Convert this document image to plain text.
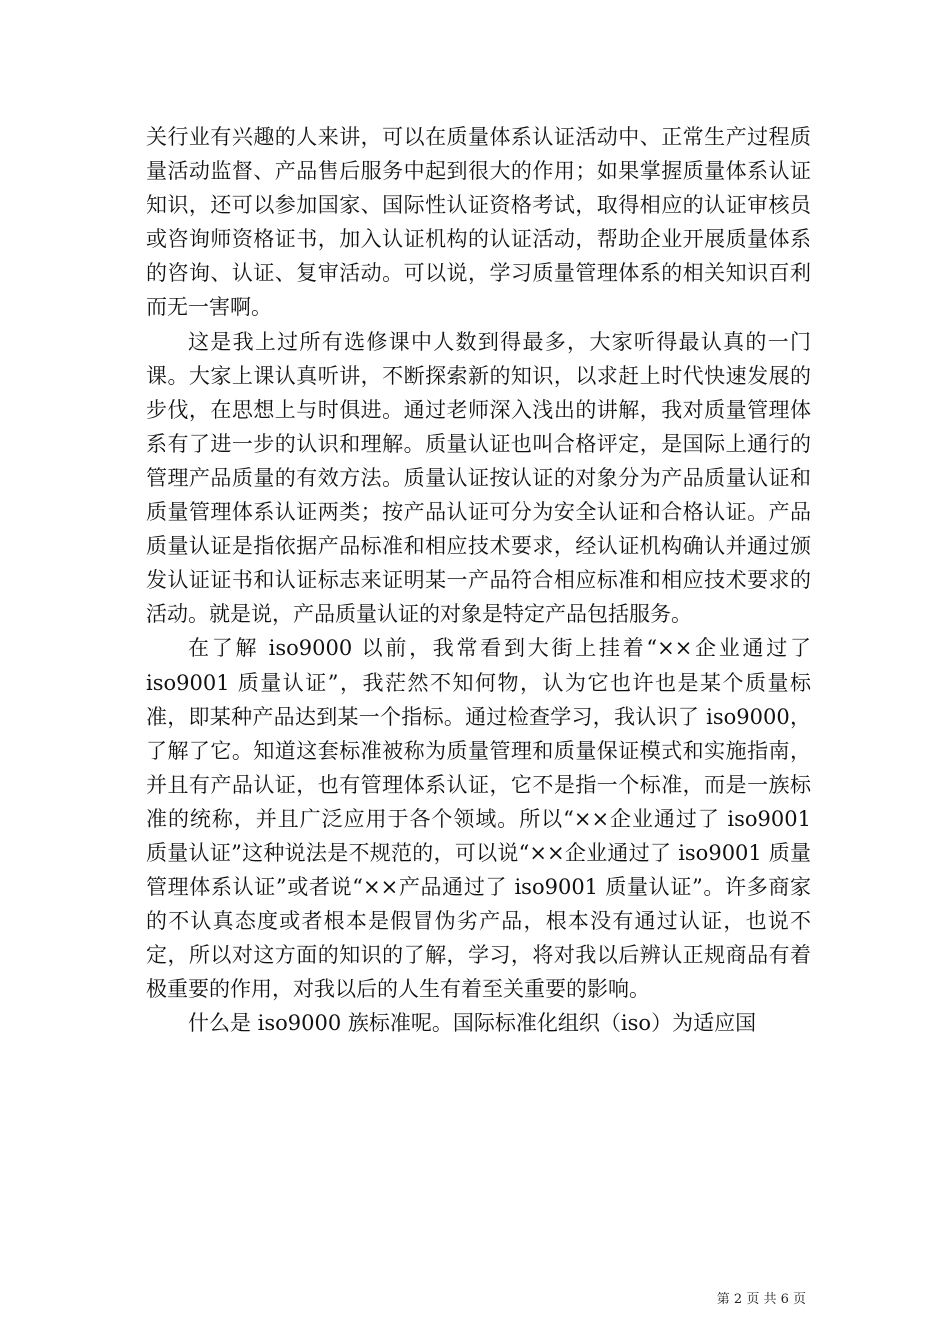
关行业有兴趣的人来讲，可以在质量体系认证活动中、正常生产过程质量活动监督、产品售后服务中起到很大的作用；如果掌握质量体系认证知识，还可以参加国家、国际性认证资格考试，取得相应的认证审核员或咨询师资格证书，加入认证机构的认证活动，帮助企业开展质量体系的咨询、认证、复审活动。可以说，学习质量管理体系的相关知识百利而无一害啊。

这是我上过所有选修课中人数到得最多，大家听得最认真的一门课。大家上课认真听讲，不断探索新的知识，以求赶上时代快速发展的步伐，在思想上与时俱进。通过老师深入浅出的讲解，我对质量管理体系有了进一步的认识和理解。质量认证也叫合格评定，是国际上通行的管理产品质量的有效方法。质量认证按认证的对象分为产品质量认证和质量管理体系认证两类；按产品认证可分为安全认证和合格认证。产品质量认证是指依据产品标准和相应技术要求，经认证机构确认并通过颁发认证证书和认证标志来证明某一产品符合相应标准和相应技术要求的活动。就是说，产品质量认证的对象是特定产品包括服务。

在了解 iso9000 以前，我常看到大街上挂着“××企业通过了 iso9001 质量认证”，我茫然不知何物，认为它也许也是某个质量标准，即某种产品达到某一个指标。通过检查学习，我认识了 iso9000，了解了它。知道这套标准被称为质量管理和质量保证模式和实施指南，并且有产品认证，也有管理体系认证，它不是指一个标准，而是一族标准的统称，并且广泛应用于各个领域。所以“××企业通过了 iso9001 质量认证”这种说法是不规范的，可以说“××企业通过了 iso9001 质量管理体系认证”或者说“××产品通过了 iso9001 质量认证”。许多商家的不认真态度或者根本是假冒伪劣产品，根本没有通过认证，也说不定，所以对这方面的知识的了解，学习，将对我以后辨认正规商品有着极重要的作用，对我以后的人生有着至关重要的影响。

什么是 iso9000 族标准呢。国际标准化组织（iso）为适应国

第 2 页 共 6 页
